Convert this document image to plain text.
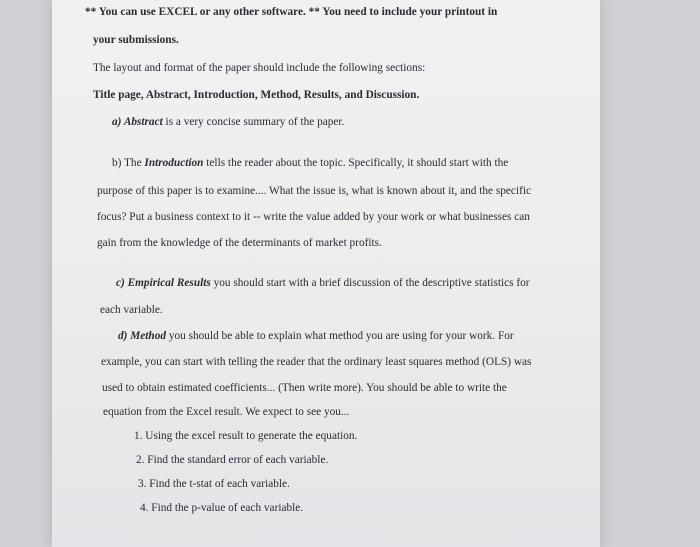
** You can use EXCEL or any other software. ** You need to include your printout in
your submissions.
The layout and format of the paper should include the following sections:
Title page, Abstract, Introduction, Method, Results, and Discussion.
a) Abstract is a very concise summary of the paper.
b) The Introduction tells the reader about the topic. Specifically, it should start with the
purpose of this paper is to examine.... What the issue is, what is known about it, and the specific
focus? Put a business context to it -- write the value added by your work or what businesses can
gain from the knowledge of the determinants of market profits.
c) Empirical Results you should start with a brief discussion of the descriptive statistics for
each variable.
d) Method you should be able to explain what method you are using for your work. For
example, you can start with telling the reader that the ordinary least squares method (OLS) was
used to obtain estimated coefficients... (Then write more). You should be able to write the
equation from the Excel result. We expect to see you...
1. Using the excel result to generate the equation.
2. Find the standard error of each variable.
3. Find the t-stat of each variable.
4. Find the p-value of each variable.
